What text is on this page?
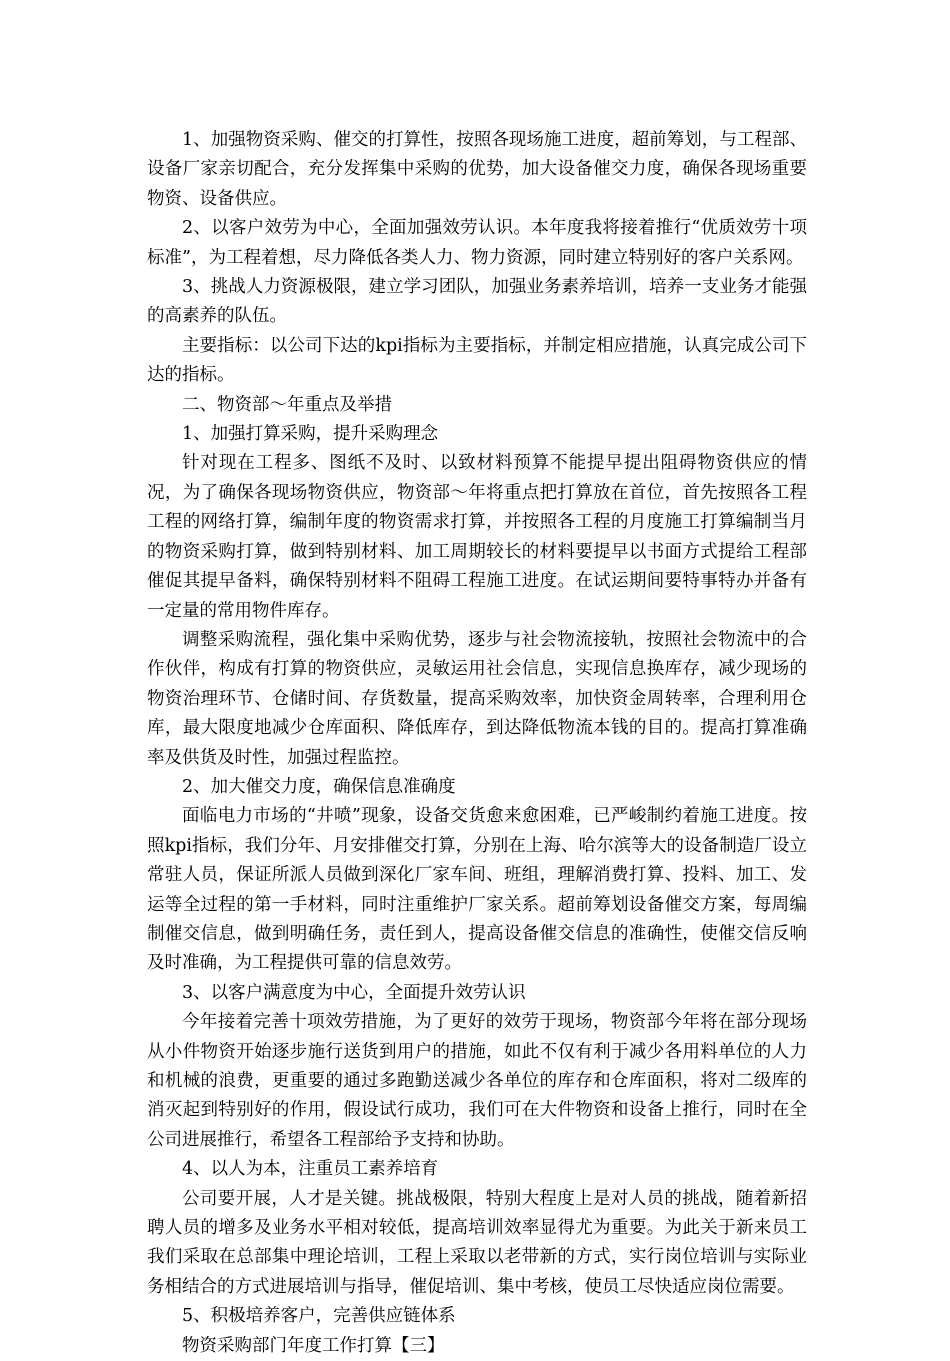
1、加强物资采购、催交的打算性，按照各现场施工进度，超前筹划，与工程部、设备厂家亲切配合，充分发挥集中采购的优势，加大设备催交力度，确保各现场重要物资、设备供应。

2、以客户效劳为中心，全面加强效劳认识。本年度我将接着推行“优质效劳十项标准”，为工程着想，尽力降低各类人力、物力资源，同时建立特别好的客户关系网。

3、挑战人力资源极限，建立学习团队，加强业务素养培训，培养一支业务才能强的高素养的队伍。

主要指标：以公司下达的kpi指标为主要指标，并制定相应措施，认真完成公司下达的指标。

二、物资部～年重点及举措

1、加强打算采购，提升采购理念

针对现在工程多、图纸不及时、以致材料预算不能提早提出阻碍物资供应的情况，为了确保各现场物资供应，物资部～年将重点把打算放在首位，首先按照各工程工程的网络打算，编制年度的物资需求打算，并按照各工程的月度施工打算编制当月的物资采购打算，做到特别材料、加工周期较长的材料要提早以书面方式提给工程部催促其提早备料，确保特别材料不阻碍工程施工进度。在试运期间要特事特办并备有一定量的常用物件库存。

调整采购流程，强化集中采购优势，逐步与社会物流接轨，按照社会物流中的合作伙伴，构成有打算的物资供应，灵敏运用社会信息，实现信息换库存，减少现场的物资治理环节、仓储时间、存货数量，提高采购效率，加快资金周转率，合理利用仓库，最大限度地减少仓库面积、降低库存，到达降低物流本钱的目的。提高打算准确率及供货及时性，加强过程监控。

2、加大催交力度，确保信息准确度

面临电力市场的“井喷”现象，设备交货愈来愈困难，已严峻制约着施工进度。按照kpi指标，我们分年、月安排催交打算，分别在上海、哈尔滨等大的设备制造厂设立常驻人员，保证所派人员做到深化厂家车间、班组，理解消费打算、投料、加工、发运等全过程的第一手材料，同时注重维护厂家关系。超前筹划设备催交方案，每周编制催交信息，做到明确任务，责任到人，提高设备催交信息的准确性，使催交信反响及时准确，为工程提供可靠的信息效劳。

3、以客户满意度为中心，全面提升效劳认识

今年接着完善十项效劳措施，为了更好的效劳于现场，物资部今年将在部分现场从小件物资开始逐步施行送货到用户的措施，如此不仅有利于减少各用料单位的人力和机械的浪费，更重要的通过多跑勤送减少各单位的库存和仓库面积，将对二级库的消灭起到特别好的作用，假设试行成功，我们可在大件物资和设备上推行，同时在全公司进展推行，希望各工程部给予支持和协助。

4、以人为本，注重员工素养培育

公司要开展，人才是关键。挑战极限，特别大程度上是对人员的挑战，随着新招聘人员的增多及业务水平相对较低，提高培训效率显得尤为重要。为此关于新来员工我们采取在总部集中理论培训，工程上采取以老带新的方式，实行岗位培训与实际业务相结合的方式进展培训与指导，催促培训、集中考核，使员工尽快适应岗位需要。

5、积极培养客户，完善供应链体系

物资采购部门年度工作打算【三】
